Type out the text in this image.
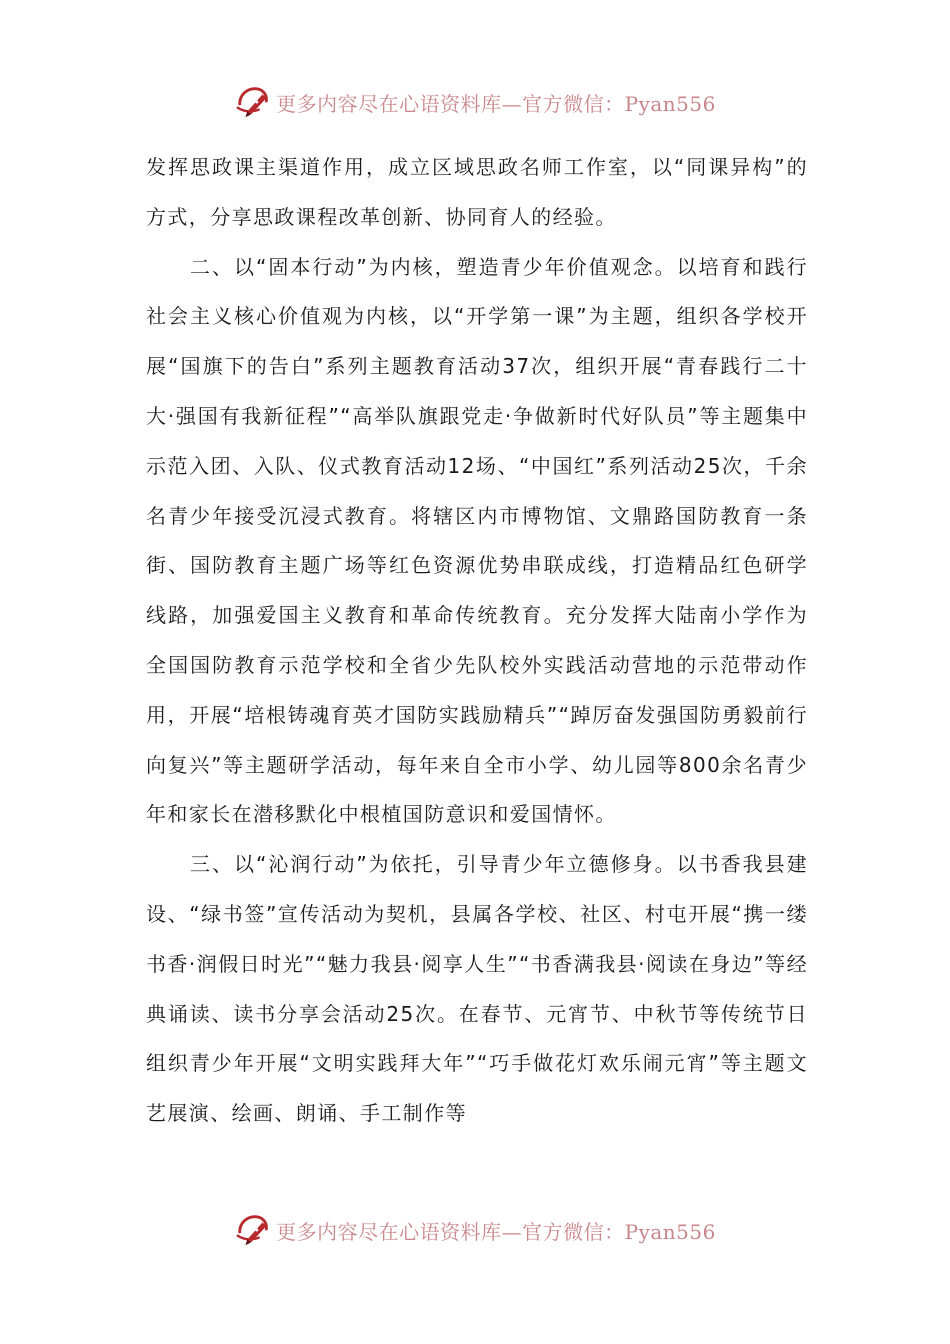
更多内容尽在心语资料库—官方微信：Pyan556

发挥思政课主渠道作用，成立区域思政名师工作室，以“同课异构”的方式，分享思政课程改革创新、协同育人的经验。

二、以“固本行动”为内核，塑造青少年价值观念。以培育和践行社会主义核心价值观为内核，以“开学第一课”为主题，组织各学校开展“国旗下的告白”系列主题教育活动37次，组织开展“青春践行二十大·强国有我新征程”“高举队旗跟党走·争做新时代好队员”等主题集中示范入团、入队、仪式教育活动12场、“中国红”系列活动25次，千余名青少年接受沉浸式教育。将辖区内市博物馆、文鼎路国防教育一条街、国防教育主题广场等红色资源优势串联成线，打造精品红色研学线路，加强爱国主义教育和革命传统教育。充分发挥大陆南小学作为全国国防教育示范学校和全省少先队校外实践活动营地的示范带动作用，开展“培根铸魂育英才国防实践励精兵”“踔厉奋发强国防勇毅前行向复兴”等主题研学活动，每年来自全市小学、幼儿园等800余名青少年和家长在潜移默化中根植国防意识和爱国情怀。

三、以“沁润行动”为依托，引导青少年立德修身。以书香我县建设、“绿书签”宣传活动为契机，县属各学校、社区、村屯开展“携一缕书香·润假日时光”“魅力我县·阅享人生”“书香满我县·阅读在身边”等经典诵读、读书分享会活动25次。在春节、元宵节、中秋节等传统节日组织青少年开展“文明实践拜大年”“巧手做花灯欢乐闹元宵”等主题文艺展演、绘画、朗诵、手工制作等

更多内容尽在心语资料库—官方微信：Pyan556
